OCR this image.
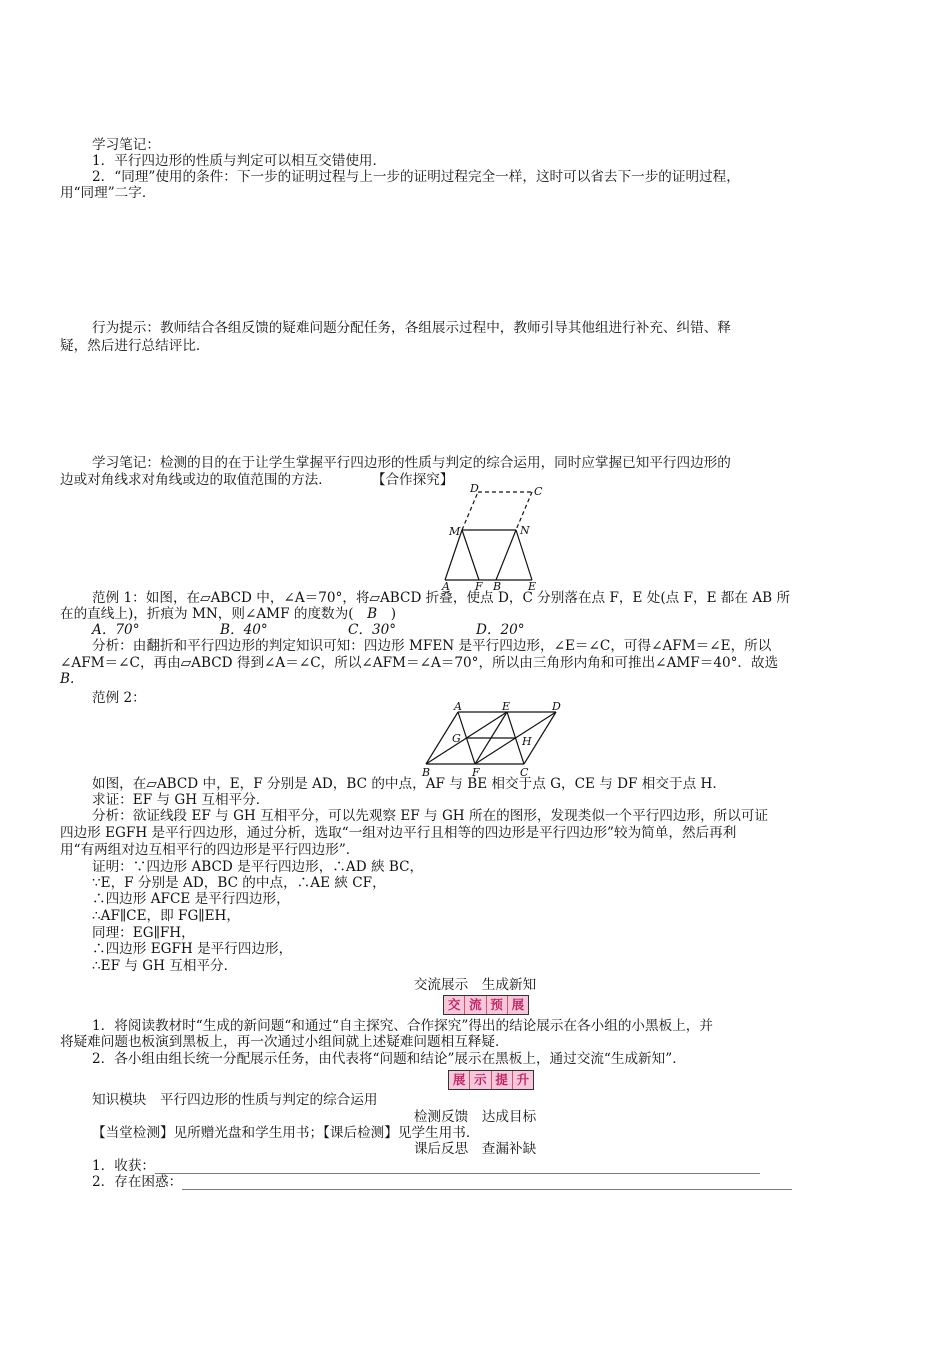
学习笔记：
1．平行四边形的性质与判定可以相互交错使用．
2．“同理”使用的条件：下一步的证明过程与上一步的证明过程完全一样，这时可以省去下一步的证明过程，
用“同理”二字．
行为提示：教师结合各组反馈的疑难问题分配任务，各组展示过程中，教师引导其他组进行补充、纠错、释
疑，然后进行总结评比．
学习笔记：检测的目的在于让学生掌握平行四边形的性质与判定的综合运用，同时应掌握已知平行四边形的
边或对角线求对角线或边的取值范围的方法．	【合作探究】
D	C
M	N
A F B E
范例 1：如图，在▱ABCD 中，∠A＝70°，将▱ABCD 折叠，使点 D，C 分别落在点 F，E 处(点 F，E 都在 AB 所
在的直线上)，折痕为 MN，则∠AMF 的度数为(　B　)
A．70°	B．40°	C．30°	D．20°
分析：由翻折和平行四边形的判定知识可知：四边形 MFEN 是平行四边形，∠E＝∠C，可得∠AFM＝∠E，所以
∠AFM＝∠C，再由▱ABCD 得到∠A＝∠C，所以∠AFM＝∠A＝70°，所以由三角形内角和可推出∠AMF＝40°．故选
B.
范例 2：
A	E	D
G	H
B	F	C
如图，在▱ABCD 中，E，F 分别是 AD，BC 的中点，AF 与 BE 相交于点 G，CE 与 DF 相交于点 H.
求证：EF 与 GH 互相平分．
分析：欲证线段 EF 与 GH 互相平分，可以先观察 EF 与 GH 所在的图形，发现类似一个平行四边形，所以可证
四边形 EGFH 是平行四边形，通过分析，选取“一组对边平行且相等的四边形是平行四边形”较为简单，然后再利
用“有两组对边互相平行的四边形是平行四边形”．
证明：∵四边形 ABCD 是平行四边形，∴AD 綊 BC，
∵E，F 分别是 AD，BC 的中点，∴AE 綊 CF，
∴四边形 AFCE 是平行四边形，
∴AF∥CE，即 FG∥EH，
同理：EG∥FH，
∴四边形 EGFH 是平行四边形，
∴EF 与 GH 互相平分．
交流展示　生成新知
交 流 预 展
1．将阅读教材时“生成的新问题“和通过“自主探究、合作探究”得出的结论展示在各小组的小黑板上，并
将疑难问题也板演到黑板上，再一次通过小组间就上述疑难问题相互释疑．
2．各小组由组长统一分配展示任务，由代表将“问题和结论”展示在黑板上，通过交流“生成新知”．
展 示 提 升
知识模块　平行四边形的性质与判定的综合运用
检测反馈　达成目标
【当堂检测】见所赠光盘和学生用书；【课后检测】见学生用书．
课后反思　查漏补缺
1．收获：
2．存在困惑：
